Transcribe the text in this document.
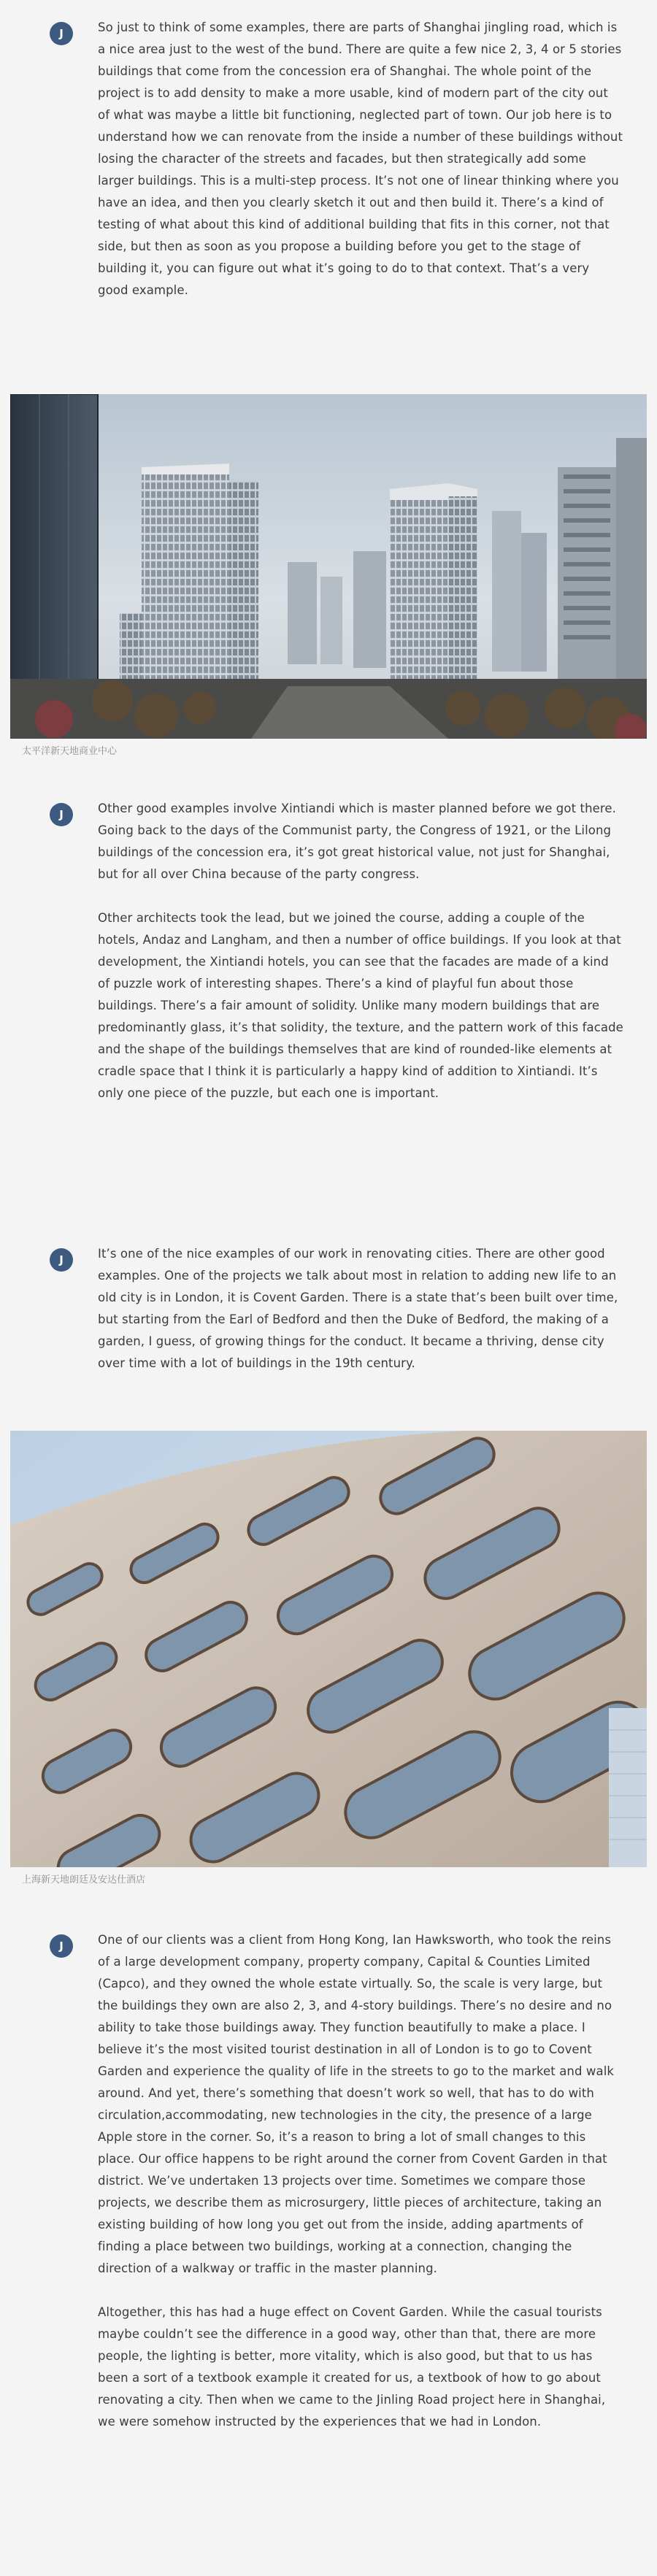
J	So just to think of some examples, there are parts of Shanghai jingling road, which is a nice area just to the west of the bund. There are quite a few nice 2, 3, 4 or 5 stories buildings that come from the concession era of Shanghai. The whole point of the project is to add density to make a more usable, kind of modern part of the city out of what was maybe a little bit functioning, neglected part of town. Our job here is to understand how we can renovate from the inside a number of these buildings without losing the character of the streets and facades, but then strategically add some larger buildings. This is a multi-step process. It’s not one of linear thinking where you have an idea, and then you clearly sketch it out and then build it. There’s a kind of testing of what about this kind of additional building that fits in this corner, not that side, but then as soon as you propose a building before you get to the stage of building it, you can figure out what it’s going to do to that context. That’s a very good example.

太平洋新天地商业中心
J	Other good examples involve Xintiandi which is master planned before we got there. Going back to the days of the Communist party, the Congress of 1921, or the Lilong buildings of the concession era, it’s got great historical value, not just for Shanghai, but for all over China because of the party congress.

Other architects took the lead, but we joined the course, adding a couple of the hotels, Andaz and Langham, and then a number of office buildings. If you look at that development, the Xintiandi hotels, you can see that the facades are made of a kind of puzzle work of interesting shapes. There’s a kind of playful fun about those buildings. There’s a fair amount of solidity. Unlike many modern buildings that are predominantly glass, it’s that solidity, the texture, and the pattern work of this facade and the shape of the buildings themselves that are kind of rounded-like elements at cradle space that I think it is particularly a happy kind of addition to Xintiandi. It’s only one piece of the puzzle, but each one is important.

J	It’s one of the nice examples of our work in renovating cities. There are other good examples. One of the projects we talk about most in relation to adding new life to an old city is in London, it is Covent Garden. There is a state that’s been built over time, but starting from the Earl of Bedford and then the Duke of Bedford, the making of a garden, I guess, of growing things for the conduct. It became a thriving, dense city over time with a lot of buildings in the 19th century.

上海新天地朗廷及安达仕酒店
J	One of our clients was a client from Hong Kong, Ian Hawksworth, who took the reins of a large development company, property company, Capital & Counties Limited (Capco), and they owned the whole estate virtually. So, the scale is very large, but the buildings they own are also 2, 3, and 4-story buildings. There’s no desire and no ability to take those buildings away. They function beautifully to make a place. I believe it’s the most visited tourist destination in all of London is to go to Covent Garden and experience the quality of life in the streets to go to the market and walk around. And yet, there’s something that doesn’t work so well, that has to do with circulation,accommodating, new technologies in the city, the presence of a large Apple store in the corner. So, it’s a reason to bring a lot of small changes to this place. Our office happens to be right around the corner from Covent Garden in that district. We’ve undertaken 13 projects over time. Sometimes we compare those projects, we describe them as microsurgery, little pieces of architecture, taking an existing building of how long you get out from the inside, adding apartments of finding a place between two buildings, working at a connection, changing the direction of a walkway or traffic in the master planning.

Altogether, this has had a huge effect on Covent Garden. While the casual tourists maybe couldn’t see the difference in a good way, other than that, there are more people, the lighting is better, more vitality, which is also good, but that to us has been a sort of a textbook example it created for us, a textbook of how to go about renovating a city. Then when we came to the Jinling Road project here in Shanghai, we were somehow instructed by the experiences that we had in London.
